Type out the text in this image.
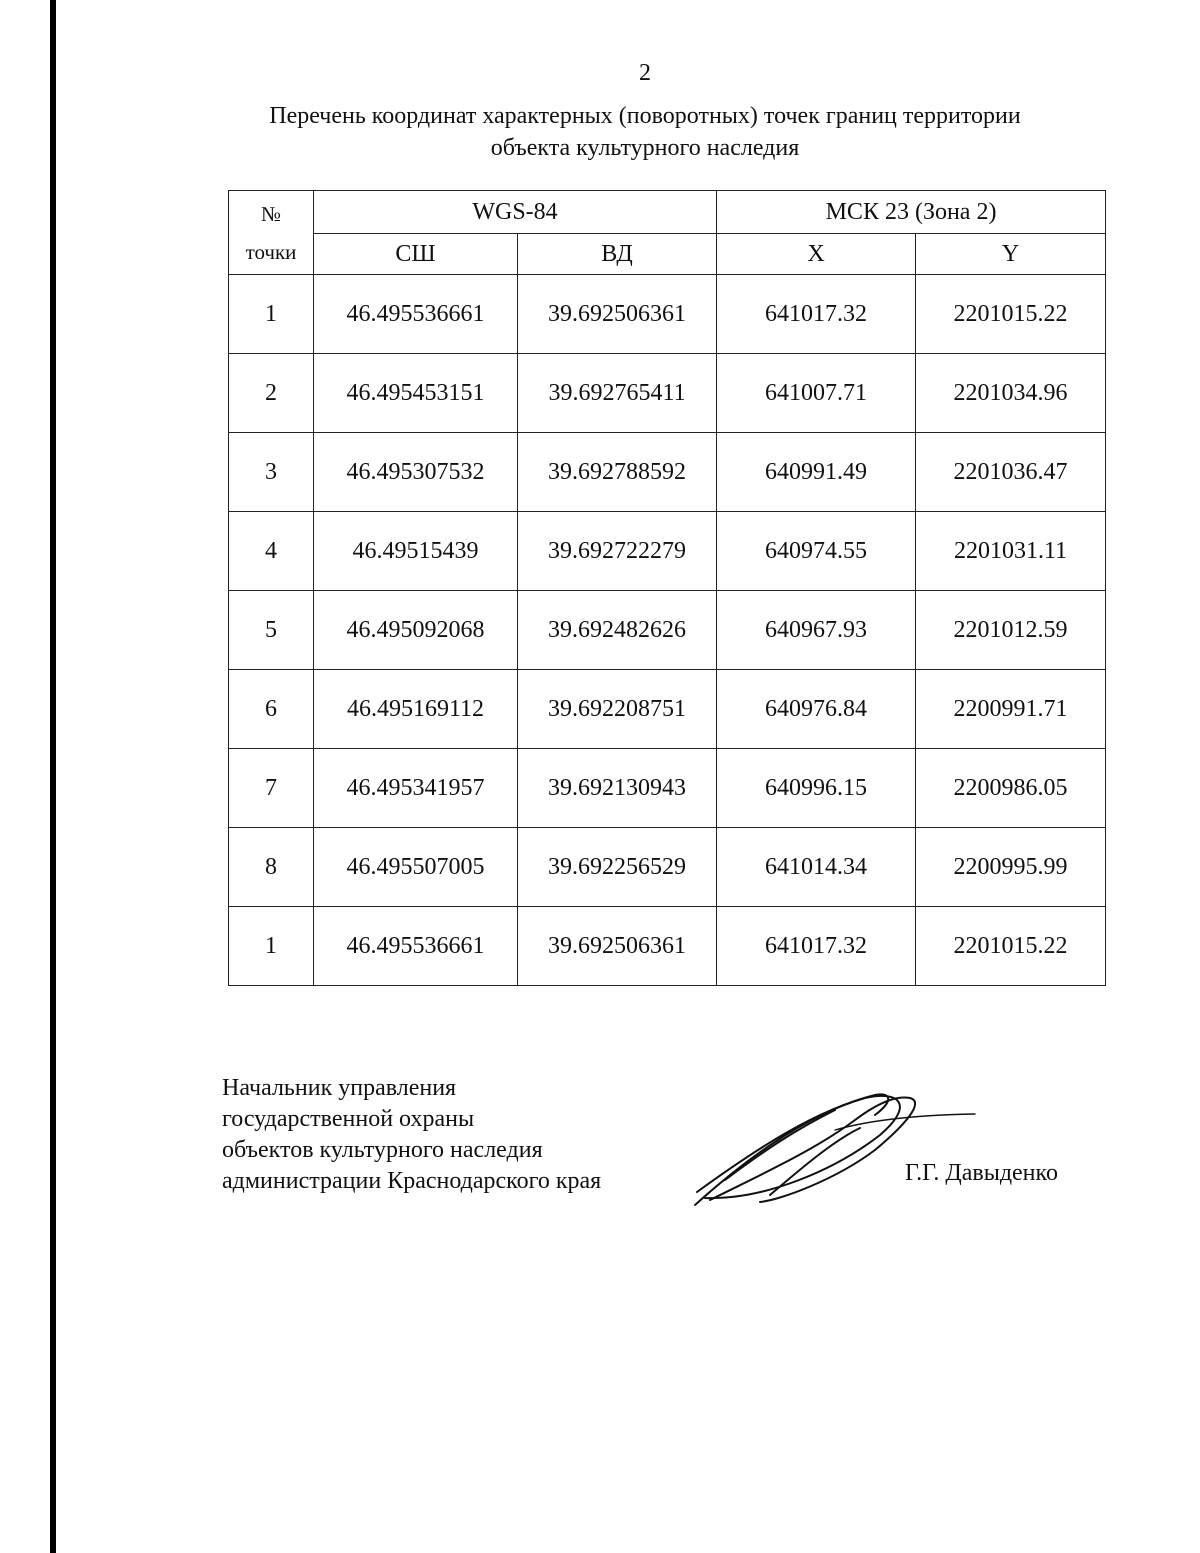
2
Перечень координат характерных (поворотных) точек границ территории
объекта культурного наследия
№
точки	WGS-84		МСК 23 (Зона 2)	
	СШ	ВД	X	Y
1	46.495536661	39.692506361	641017.32	2201015.22
2	46.495453151	39.692765411	641007.71	2201034.96
3	46.495307532	39.692788592	640991.49	2201036.47
4	46.49515439	39.692722279	640974.55	2201031.11
5	46.495092068	39.692482626	640967.93	2201012.59
6	46.495169112	39.692208751	640976.84	2200991.71
7	46.495341957	39.692130943	640996.15	2200986.05
8	46.495507005	39.692256529	641014.34	2200995.99
1	46.495536661	39.692506361	641017.32	2201015.22
Начальник управления
государственной охраны
объектов культурного наследия
администрации Краснодарского края	Г.Г. Давыденко
